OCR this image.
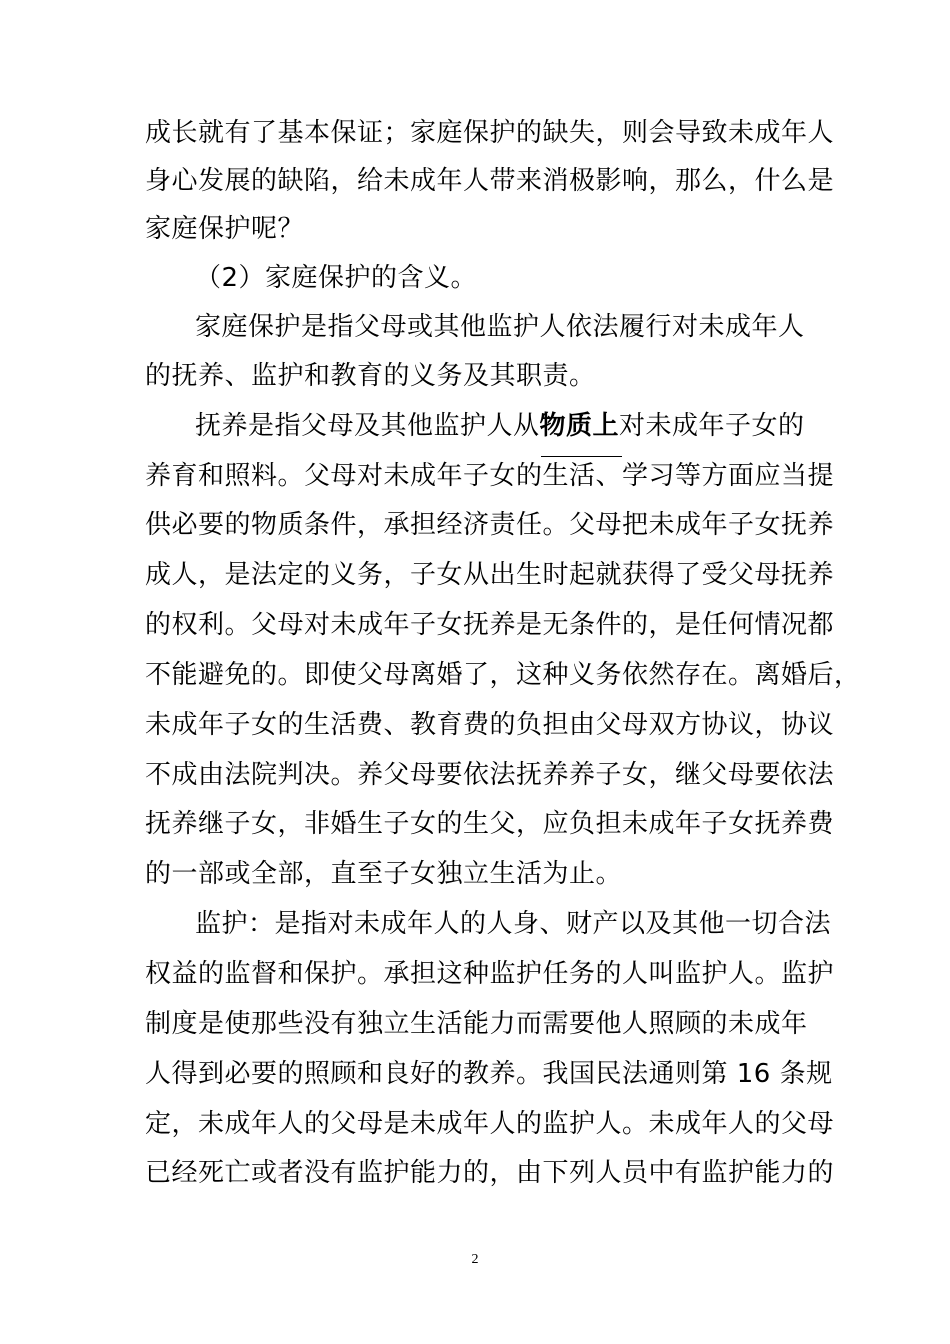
成长就有了基本保证；家庭保护的缺失，则会导致未成年人
身心发展的缺陷，给未成年人带来消极影响，那么，什么是
家庭保护呢？
（2）家庭保护的含义。
家庭保护是指父母或其他监护人依法履行对未成年人
的抚养、监护和教育的义务及其职责。
抚养是指父母及其他监护人从物质上对未成年子女的
养育和照料。父母对未成年子女的生活、学习等方面应当提
供必要的物质条件，承担经济责任。父母把未成年子女抚养
成人，是法定的义务，子女从出生时起就获得了受父母抚养
的权利。父母对未成年子女抚养是无条件的，是任何情况都
不能避免的。即使父母离婚了，这种义务依然存在。离婚后，
未成年子女的生活费、教育费的负担由父母双方协议，协议
不成由法院判决。养父母要依法抚养养子女，继父母要依法
抚养继子女，非婚生子女的生父，应负担未成年子女抚养费
的一部或全部，直至子女独立生活为止。
监护：是指对未成年人的人身、财产以及其他一切合法
权益的监督和保护。承担这种监护任务的人叫监护人。监护
制度是使那些没有独立生活能力而需要他人照顾的未成年
人得到必要的照顾和良好的教养。我国民法通则第 16 条规
定，未成年人的父母是未成年人的监护人。未成年人的父母
已经死亡或者没有监护能力的，由下列人员中有监护能力的
2
